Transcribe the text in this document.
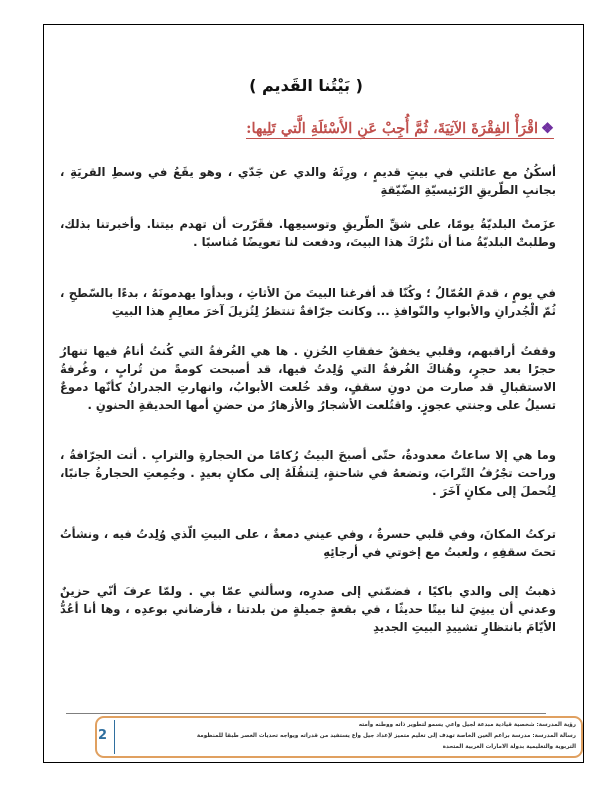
( بَيْتُنا القَديم )
❖اقْرَأْ الفِقْرَةَ الآتِيَةَ، ثُمَّ أُجِبْ عَنِ الأَسْئلَةِ الَّتي تَلِيها:
أسكُنُ مع عائلتي في بيتٍ قديمٍ ، ورِثَهُ والدي عن جَدّي ، وهو يقَعُ في وسطِ القريَةِ ، بجانبِ الطّريقِ الرّئيسيّةِ الضّيّقةِ
عزَمتْ البلديّةُ يومًا، على شقِّ الطّريقِ وتوسيعِها. فقَرّرت أن تهدم بيتنا. وأخبرتنا بذلك، وطلبتْ البلديّةُ منا أن نتْرُكَ هذا البيتَ، ودفعت لنا تعويضًا مُناسبًا .
في يومٍ ، قدمَ العُمّالُ ؛ وكُنّا قد أفرغنا البيتَ منَ الأثاثِ ، وبدأوا يهدمونَهُ ، بدءًا بالسّطحِ ، ثُمّ الْجُدرانِ والأبوابِ والنّوافذِ ... وكانت جرّافةٌ تنتظرُ لِتُزيلَ آخرَ معالِمِ هذا البيتِ
وقفتُ أراقبهم، وقلبي يخفقُ خفقاتِ الحُزنِ . ها هي الغُرفةُ التي كُنتُ أنامُ فيها تنهارُ حجرًا بعد حجرٍ، وهُناكَ الغُرفةُ التي وُلِدتُ فيها، قد أصبحت كومةً من تُرابٍ ، وغُرفةُ الاستقبالِ قد صارت من دونِ سقفٍ، وقد خُلعت الأبوابُ، وانهارتِ الجدرانُ كأنّها دموعٌ تسيلُ على وجنتي عجوزٍ. واقتُلعت الأشجارُ والأزهارُ من حضنِ أمها الحديقةِ الحنونِ .
وما هي إلا ساعاتٌ معدودةٌ، حتّى أصبحَ البيتُ رُكامًا من الحجارةِ والترابِ . أتت الجرّافةُ ، وراحت تجْرُفُ التّرابَ، وتضعهُ في شاحنةٍ، لِتنقُلَهُ إلى مكانٍ بعيدٍ . وجُمِعتِ الحجارةُ جانبًا، لِتُحملَ إلى مكانٍ آخَرَ .
تركتُ المكانَ، وفي قلبي حسرةٌ ، وفي عيني دمعةٌ ، على البيتِ الّذي وُلِدتُ فيه ، ونشأتُ تحتَ سقفِهِ ، ولعبتُ مع إخوتي في أرجائِهِ
ذهبتُ إلى والدي باكيًا ، فضمّني إلى صدرِه، وسألني عمّا بي . ولمّا عرفَ أنّي حزينٌ وعدني أن يبنِيَ لنا بيتًا حديثًا ، في بقعةٍ جميلةٍ من بلدتنا ، فأرضاني بوعدِه ، وها أنا أعُدُّ الأيّامَ بانتظارِ تشييدِ البيتِ الجديدِ
رؤية المدرسة: شخصية قيادية مبدعة لجيل واعي يسمو لتطوير ذاته ووطنه وأمته
رسالة المدرسة: مدرسة براعم العين الخاصة تهدف إلى تعليم متميز لإعداد جيل واع يستفيد من قدراته ويواجه تحديات العصر طبقا للمنظومة
التربوية والتعليمية بدولة الامارات العربية المتحدة
2
